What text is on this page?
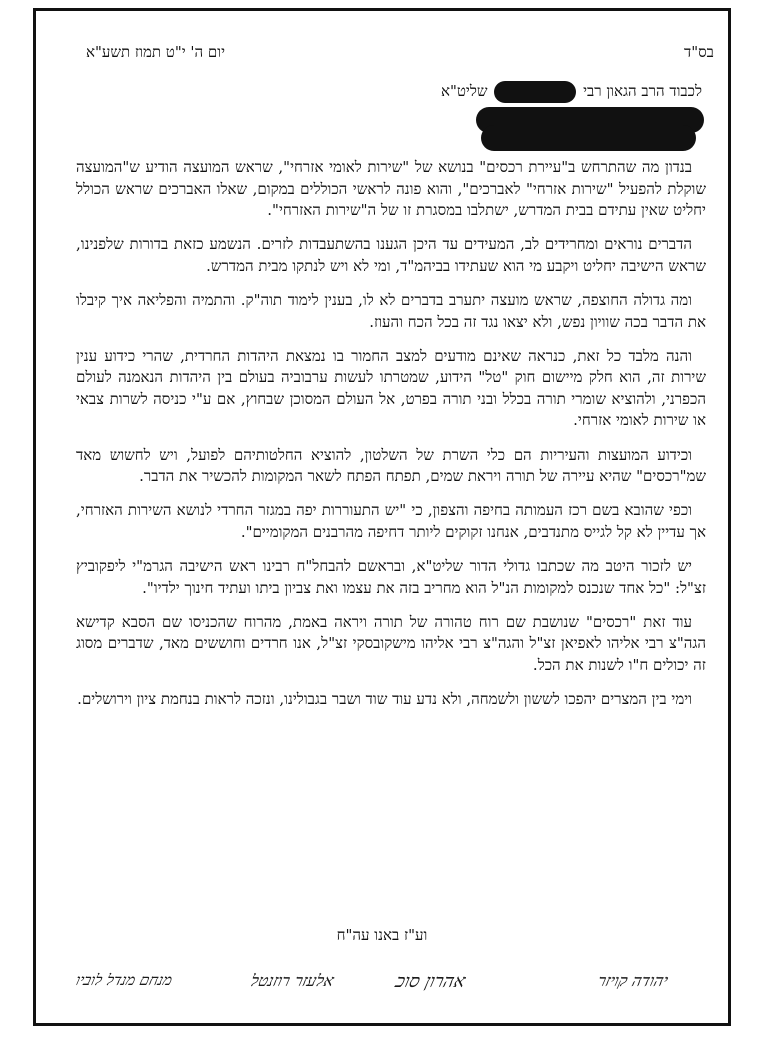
בס"ד
יום ה' י"ט תמוז תשע"א
לכבוד הרב הגאון רבי  שליט"א

בנדון מה שהתרחש ב"עיירת רכסים" בנושא של "שירות לאומי אזרחי", שראש המועצה הודיע ש"המועצה שוקלת להפעיל "שירות אזרחי" לאברכים", והוא פונה לראשי הכוללים במקום, שאלו האברכים שראש הכולל יחליט שאין עתידם בבית המדרש, ישתלבו במסגרת זו של ה"שירות האזרחי".

הדברים נוראים ומחרידים לב, המעידים עד היכן הגענו בהשתעבדות לזרים. הנשמע כזאת בדורות שלפנינו, שראש הישיבה יחליט ויקבע מי הוא שעתידו בביהמ"ד, ומי לא ויש לנתקו מבית המדרש.

ומה גדולה החוצפה, שראש מועצה יתערב בדברים לא לו, בענין לימוד תוה"ק. והתמיה והפליאה איך קיבלו את הדבר בכה שוויון נפש, ולא יצאו נגד זה בכל הכח והעוז.

והנה מלבד כל זאת, כנראה שאינם מודעים למצב החמור בו נמצאת היהדות החרדית, שהרי כידוע ענין שירות זה, הוא חלק מיישום חוק "טל" הידוע, שמטרתו לעשות ערבוביה בעולם בין היהדות הנאמנה לעולם הכפרני, ולהוציא שומרי תורה בכלל ובני תורה בפרט, אל העולם המסוכן שבחוץ, אם ע"י כניסה לשרות צבאי או שירות לאומי אזרחי.

וכידוע המועצות והעיריות הם כלי השרת של השלטון, להוציא החלטותיהם לפועל, ויש לחשוש מאד שמ"רכסים" שהיא עיירה של תורה ויראת שמים, תפתח הפתח לשאר המקומות להכשיר את הדבר.

וכפי שהובא בשם רכז העמותה בחיפה והצפון, כי "יש התעוררות יפה במגזר החרדי לנושא השירות האזרחי, אך עדיין לא קל לגייס מתנדבים, אנחנו זקוקים ליותר דחיפה מהרבנים המקומיים".

יש לזכור היטב מה שכתבו גדולי הדור שליט"א, ובראשם להבחל"ח רבינו ראש הישיבה הגרמ"י ליפקוביץ זצ"ל: "כל אחד שנכנס למקומות הנ"ל הוא מחריב בזה את עצמו ואת צביון ביתו ועתיד חינוך ילדיו".

עוד זאת "רכסים" שנושבת שם רוח טהורה של תורה ויראה באמת, מהרוח שהכניסו שם הסבא קדישא הגה"צ רבי אליהו לאפיאן זצ"ל והגה"צ רבי אליהו מישקובסקי זצ"ל, אנו חרדים וחוששים מאד, שדברים מסוג זה יכולים ח"ו לשנות את הכל.

וימי בין המצרים יהפכו לששון ולשמחה, ולא נדע עוד שוד ושבר בגבולינו, ונזכה לראות בנחמת ציון וירושלים.

וע"ז באנו עה"ח
יהודה קויזר
אהרון סוכ
אלעזר רוזנטל
מנחם מנדל לוביו
